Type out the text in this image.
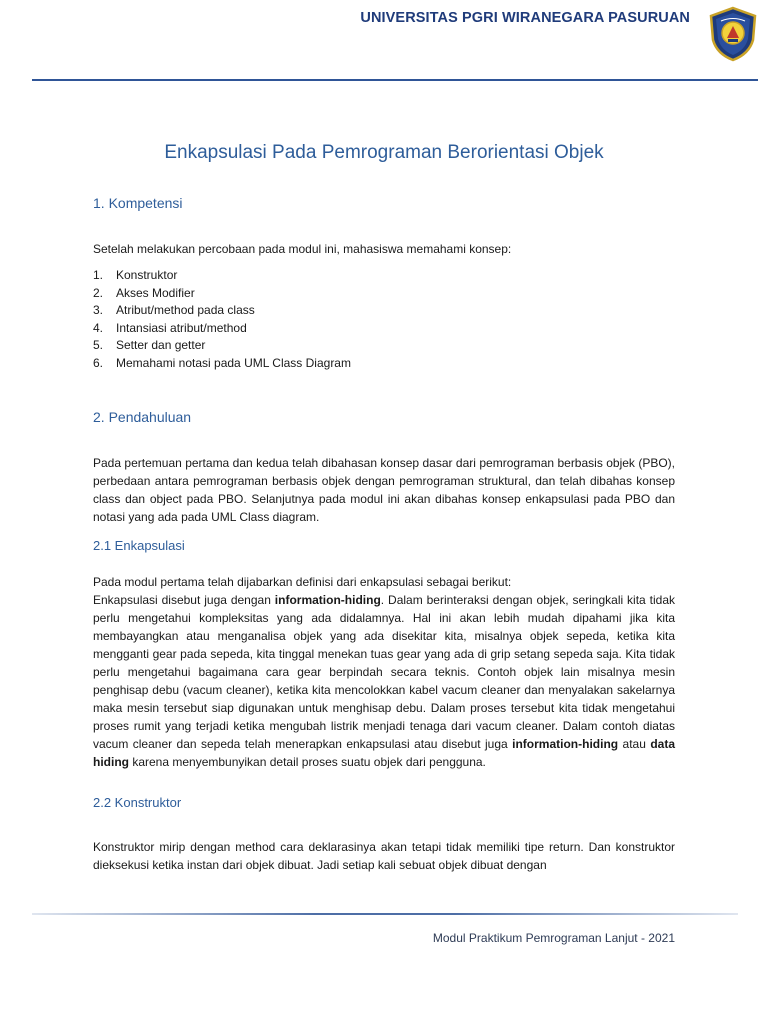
UNIVERSITAS PGRI WIRANEGARA PASURUAN
Enkapsulasi Pada Pemrograman Berorientasi Objek
1. Kompetensi
Setelah melakukan percobaan pada modul ini, mahasiswa memahami konsep:
1.	Konstruktor
2.	Akses Modifier
3.	Atribut/method pada class
4.	Intansiasi atribut/method
5.	Setter dan getter
6.	Memahami notasi pada UML Class Diagram
2. Pendahuluan
Pada pertemuan pertama dan kedua telah dibahasan konsep dasar dari pemrograman berbasis objek (PBO), perbedaan antara pemrograman berbasis objek dengan pemrograman struktural, dan telah dibahas konsep class dan object pada PBO. Selanjutnya pada modul ini akan dibahas konsep enkapsulasi pada PBO dan notasi yang ada pada UML Class diagram.
2.1 Enkapsulasi
Pada modul pertama telah dijabarkan definisi dari enkapsulasi sebagai berikut:
Enkapsulasi disebut juga dengan information-hiding. Dalam berinteraksi dengan objek, seringkali kita tidak perlu mengetahui kompleksitas yang ada didalamnya. Hal ini akan lebih mudah dipahami jika kita membayangkan atau menganalisa objek yang ada disekitar kita, misalnya objek sepeda, ketika kita mengganti gear pada sepeda, kita tinggal menekan tuas gear yang ada di grip setang sepeda saja. Kita tidak perlu mengetahui bagaimana cara gear berpindah secara teknis. Contoh objek lain misalnya mesin penghisap debu (vacum cleaner), ketika kita mencolokkan kabel vacum cleaner dan menyalakan sakelarnya maka mesin tersebut siap digunakan untuk menghisap debu. Dalam proses tersebut kita tidak mengetahui proses rumit yang terjadi ketika mengubah listrik menjadi tenaga dari vacum cleaner. Dalam contoh diatas vacum cleaner dan sepeda telah menerapkan enkapsulasi atau disebut juga information-hiding atau data hiding karena menyembunyikan detail proses suatu objek dari pengguna.
2.2 Konstruktor
Konstruktor mirip dengan method cara deklarasinya akan tetapi tidak memiliki tipe return. Dan konstruktor dieksekusi ketika instan dari objek dibuat. Jadi setiap kali sebuat objek dibuat dengan
Modul Praktikum Pemrograman Lanjut - 2021
